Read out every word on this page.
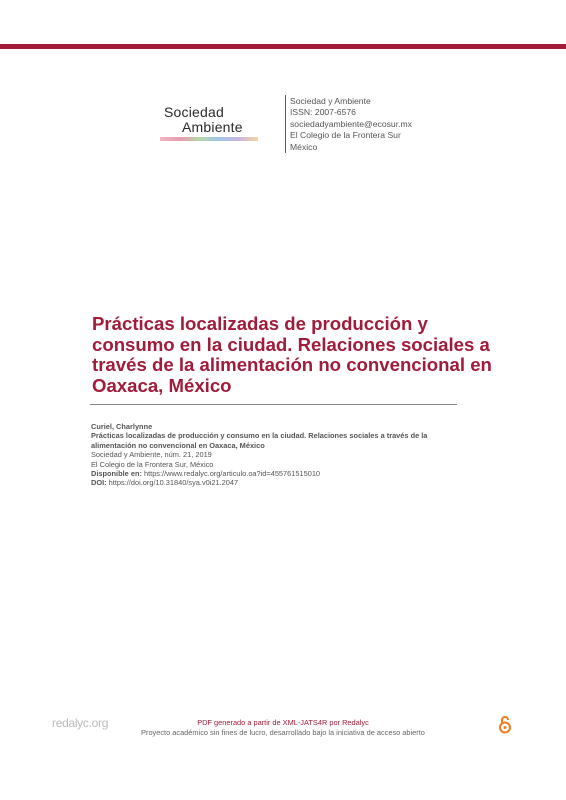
Sociedad
Ambiente
Sociedad y Ambiente
ISSN: 2007-6576
sociedadyambiente@ecosur.mx
El Colegio de la Frontera Sur
México
Prácticas localizadas de producción y consumo en la ciudad. Relaciones sociales a través de la alimentación no convencional en Oaxaca, México
Curiel, Charlynne
Prácticas localizadas de producción y consumo en la ciudad. Relaciones sociales a través de la alimentación no convencional en Oaxaca, México
Sociedad y Ambiente, núm. 21, 2019
El Colegio de la Frontera Sur, México
Disponible en: https://www.redalyc.org/articulo.oa?id=455761515010
DOI: https://doi.org/10.31840/sya.v0i21.2047
redalyc.org	PDF generado a partir de XML-JATS4R por Redalyc
Proyecto académico sin fines de lucro, desarrollado bajo la iniciativa de acceso abierto
